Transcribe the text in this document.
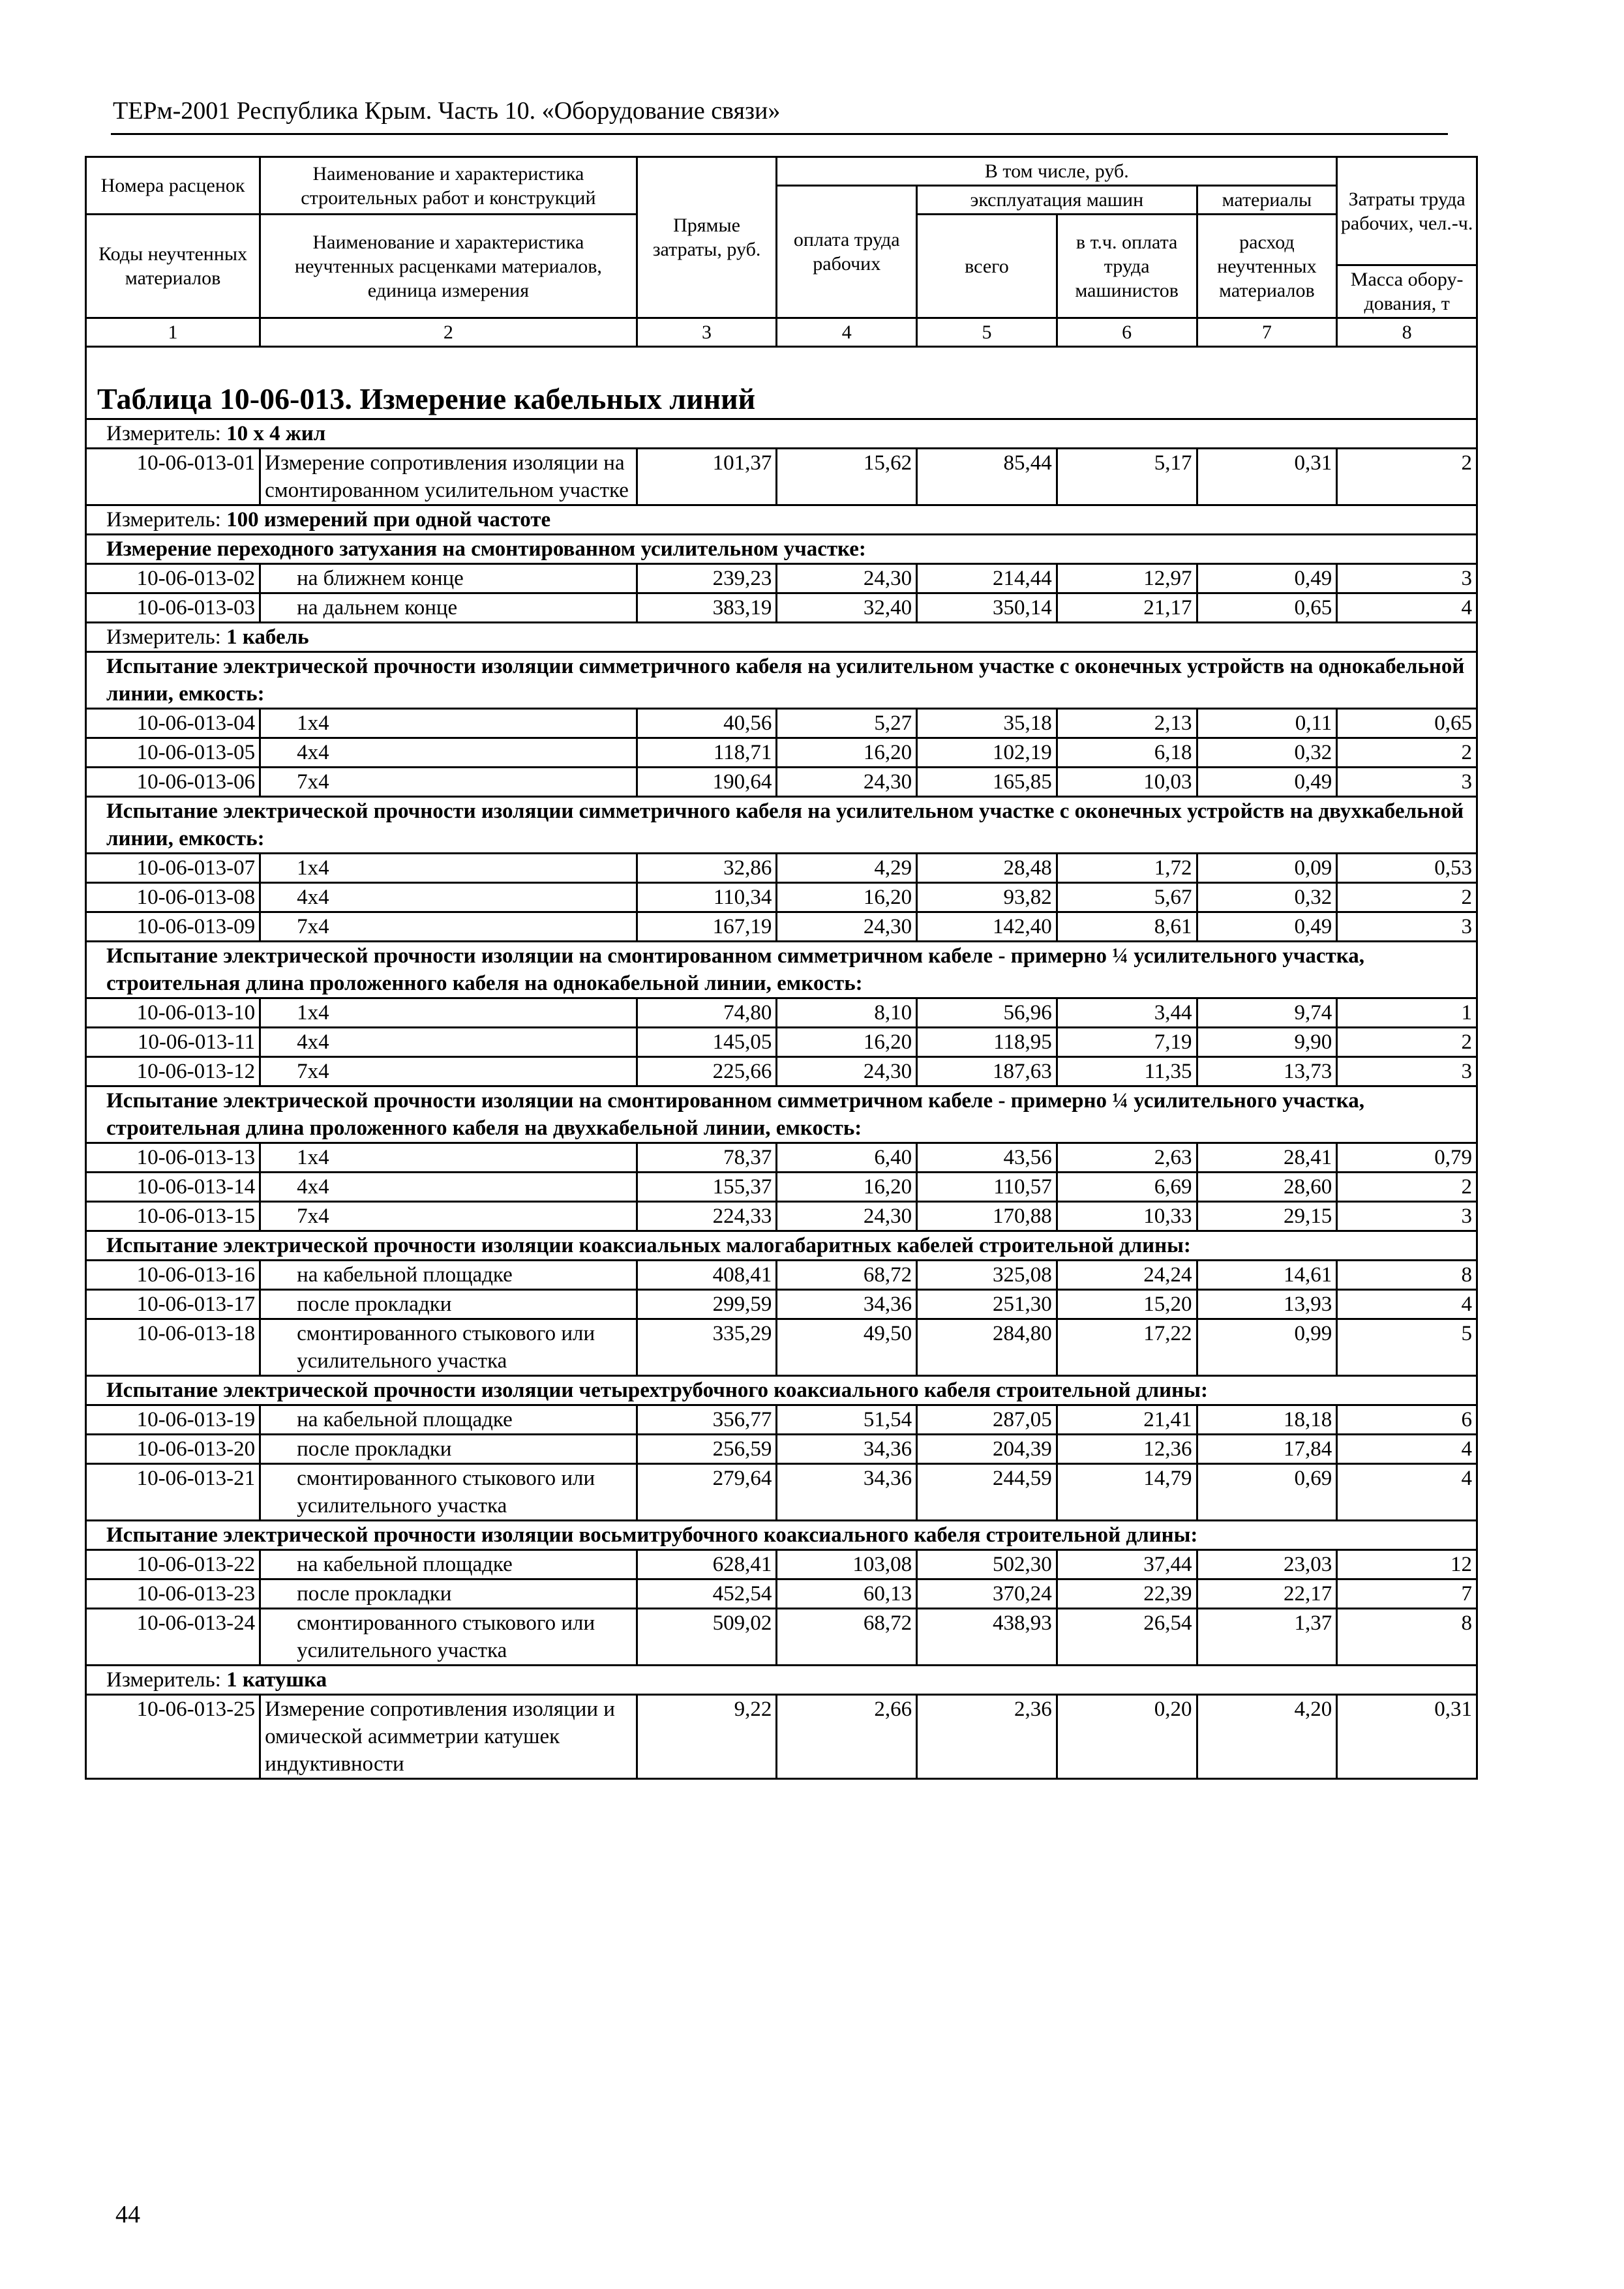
ТЕРм-2001 Республика Крым. Часть 10. «Оборудование связи»
Номера расценок	Наименование и характеристика строительных работ и конструкций	Прямые затраты, руб.	В том числе, руб.				Затраты труда рабочих, чел.-ч.
			оплата труда рабочих	эксплуатация машин		материалы	
Коды неучтенных материалов	Наименование и характеристика неучтенных расценками материалов, единица измерения			всего	в т.ч. оплата труда машинистов	расход неучтенных материалов	
							Масса обору-дования, т
1	2	3	4	5	6	7	8
Таблица 10-06-013. Измерение кабельных линий							
Измеритель: 10 х 4 жил							
10-06-013-01	Измерение сопротивления изоляции на смонтированном усилительном участке	101,37	15,62	85,44	5,17	0,31	2
Измеритель: 100 измерений при одной частоте							
Измерение переходного затухания на смонтированном усилительном участке:							
10-06-013-02	на ближнем конце	239,23	24,30	214,44	12,97	0,49	3
10-06-013-03	на дальнем конце	383,19	32,40	350,14	21,17	0,65	4
Измеритель: 1 кабель							
Испытание электрической прочности изоляции симметричного кабеля на усилительном участке с оконечных устройств на однокабельной линии, емкость:							
10-06-013-04	1х4	40,56	5,27	35,18	2,13	0,11	0,65
10-06-013-05	4х4	118,71	16,20	102,19	6,18	0,32	2
10-06-013-06	7х4	190,64	24,30	165,85	10,03	0,49	3
Испытание электрической прочности изоляции симметричного кабеля на усилительном участке с оконечных устройств на двухкабельной линии, емкость:							
10-06-013-07	1х4	32,86	4,29	28,48	1,72	0,09	0,53
10-06-013-08	4х4	110,34	16,20	93,82	5,67	0,32	2
10-06-013-09	7х4	167,19	24,30	142,40	8,61	0,49	3
Испытание электрической прочности изоляции на смонтированном симметричном кабеле - примерно ¼ усилительного участка, строительная длина проложенного кабеля на однокабельной линии, емкость:							
10-06-013-10	1х4	74,80	8,10	56,96	3,44	9,74	1
10-06-013-11	4х4	145,05	16,20	118,95	7,19	9,90	2
10-06-013-12	7х4	225,66	24,30	187,63	11,35	13,73	3
Испытание электрической прочности изоляции на смонтированном симметричном кабеле - примерно ¼ усилительного участка, строительная длина проложенного кабеля на двухкабельной линии, емкость:							
10-06-013-13	1х4	78,37	6,40	43,56	2,63	28,41	0,79
10-06-013-14	4х4	155,37	16,20	110,57	6,69	28,60	2
10-06-013-15	7х4	224,33	24,30	170,88	10,33	29,15	3
Испытание электрической прочности изоляции коаксиальных малогабаритных кабелей строительной длины:							
10-06-013-16	на кабельной площадке	408,41	68,72	325,08	24,24	14,61	8
10-06-013-17	после прокладки	299,59	34,36	251,30	15,20	13,93	4
10-06-013-18	смонтированного стыкового или усилительного участка	335,29	49,50	284,80	17,22	0,99	5
Испытание электрической прочности изоляции четырехтрубочного коаксиального кабеля строительной длины:							
10-06-013-19	на кабельной площадке	356,77	51,54	287,05	21,41	18,18	6
10-06-013-20	после прокладки	256,59	34,36	204,39	12,36	17,84	4
10-06-013-21	смонтированного стыкового или усилительного участка	279,64	34,36	244,59	14,79	0,69	4
Испытание электрической прочности изоляции восьмитрубочного коаксиального кабеля строительной длины:							
10-06-013-22	на кабельной площадке	628,41	103,08	502,30	37,44	23,03	12
10-06-013-23	после прокладки	452,54	60,13	370,24	22,39	22,17	7
10-06-013-24	смонтированного стыкового или усилительного участка	509,02	68,72	438,93	26,54	1,37	8
Измеритель: 1 катушка							
10-06-013-25	Измерение сопротивления изоляции и омической асимметрии катушек индуктивности	9,22	2,66	2,36	0,20	4,20	0,31
44
